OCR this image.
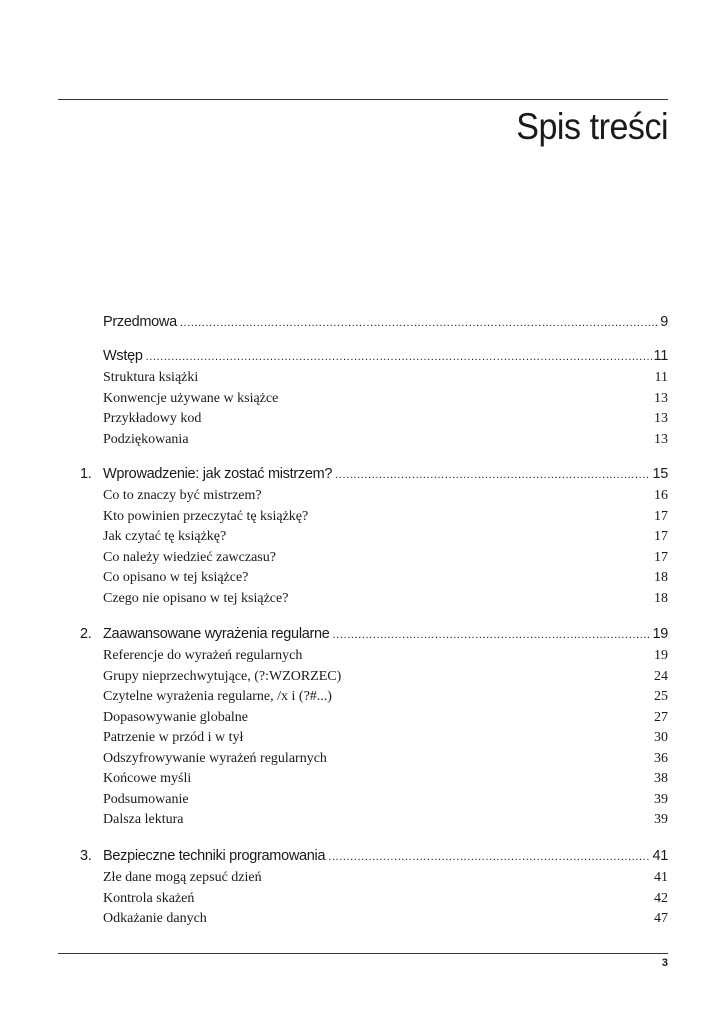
Spis treści
Przedmowa .....	9
Wstęp .....	11
Struktura książki	11
Konwencje używane w książce	13
Przykładowy kod	13
Podziękowania	13
1. Wprowadzenie: jak zostać mistrzem? .....	15
Co to znaczy być mistrzem?	16
Kto powinien przeczytać tę książkę?	17
Jak czytać tę książkę?	17
Co należy wiedzieć zawczasu?	17
Co opisano w tej książce?	18
Czego nie opisano w tej książce?	18
2. Zaawansowane wyrażenia regularne .....	19
Referencje do wyrażeń regularnych	19
Grupy nieprzechwytujące, (?:WZORZEC)	24
Czytelne wyrażenia regularne, /x i (?#...)	25
Dopasowywanie globalne	27
Patrzenie w przód i w tył	30
Odszyfrowywanie wyrażeń regularnych	36
Końcowe myśli	38
Podsumowanie	39
Dalsza lektura	39
3. Bezpieczne techniki programowania .....	41
Złe dane mogą zepsuć dzień	41
Kontrola skażeń	42
Odkażanie danych	47
3
